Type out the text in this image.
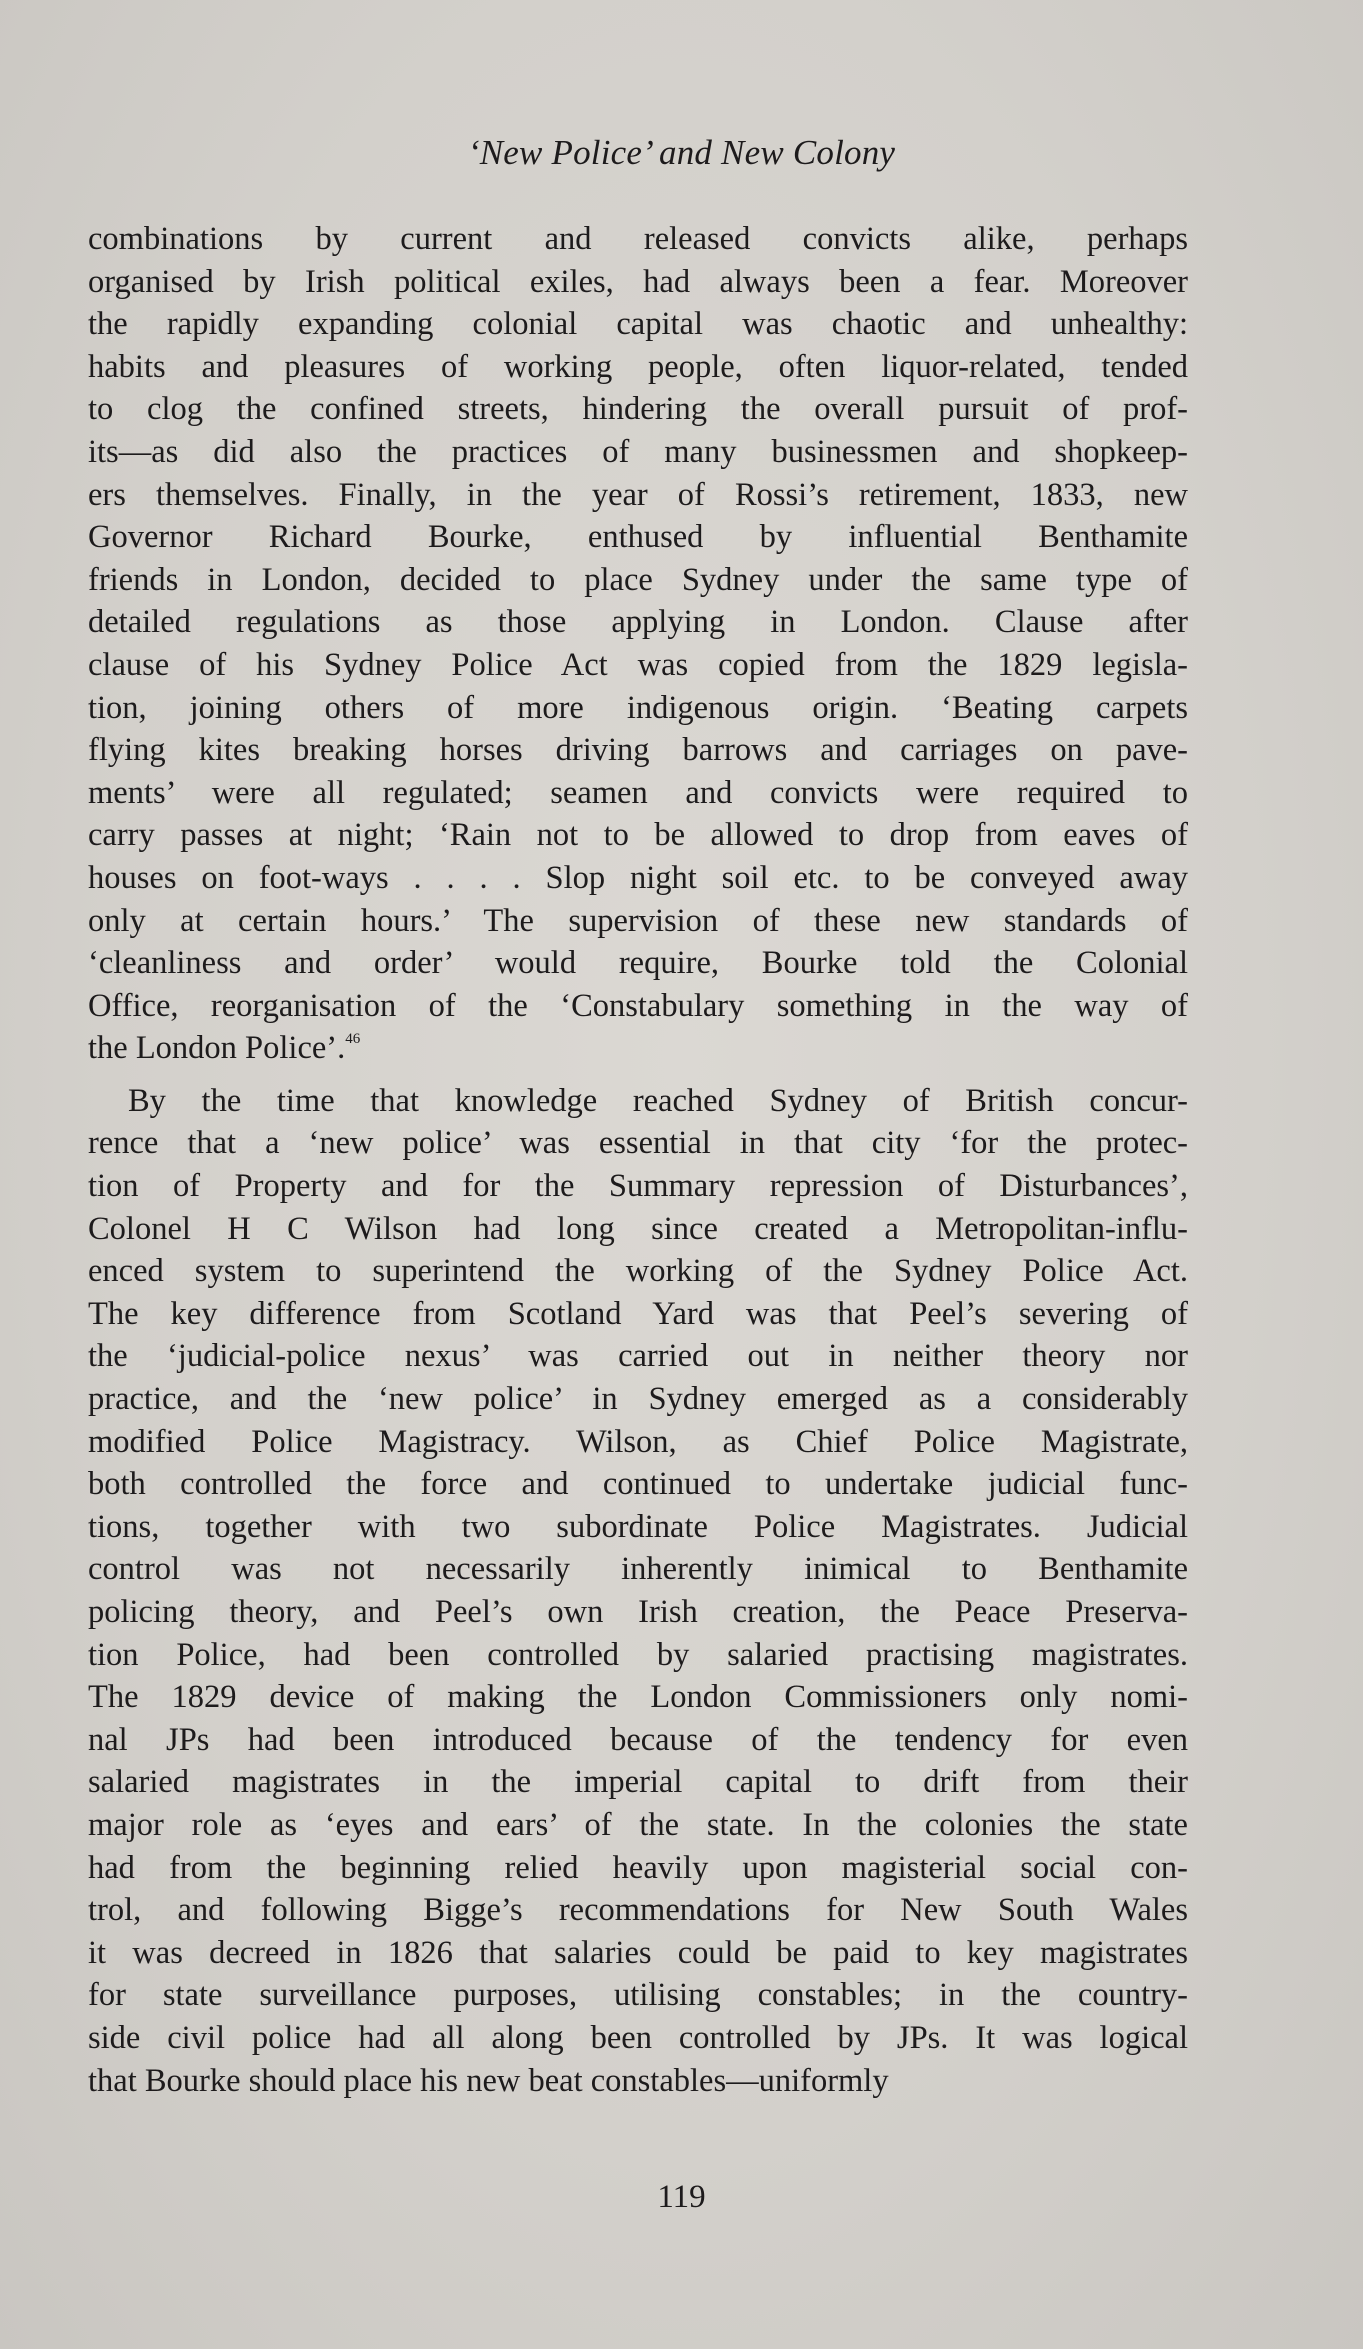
‘New Police’ and New Colony
combinations by current and released convicts alike, perhaps
organised by Irish political exiles, had always been a fear. Moreover
the rapidly expanding colonial capital was chaotic and unhealthy:
habits and pleasures of working people, often liquor-related, tended
to clog the confined streets, hindering the overall pursuit of prof-
its—as did also the practices of many businessmen and shopkeep-
ers themselves. Finally, in the year of Rossi’s retirement, 1833, new
Governor Richard Bourke, enthused by influential Benthamite
friends in London, decided to place Sydney under the same type of
detailed regulations as those applying in London. Clause after
clause of his Sydney Police Act was copied from the 1829 legisla-
tion, joining others of more indigenous origin. ‘Beating carpets
flying kites breaking horses driving barrows and carriages on pave-
ments’ were all regulated; seamen and convicts were required to
carry passes at night; ‘Rain not to be allowed to drop from eaves of
houses on foot-ways . . . . Slop night soil etc. to be conveyed away
only at certain hours.’ The supervision of these new standards of
‘cleanliness and order’ would require, Bourke told the Colonial
Office, reorganisation of the ‘Constabulary something in the way of
the London Police’.$^{46}$
By the time that knowledge reached Sydney of British concur-
rence that a ‘new police’ was essential in that city ‘for the protec-
tion of Property and for the Summary repression of Disturbances’,
Colonel H C Wilson had long since created a Metropolitan-influ-
enced system to superintend the working of the Sydney Police Act.
The key difference from Scotland Yard was that Peel’s severing of
the ‘judicial-police nexus’ was carried out in neither theory nor
practice, and the ‘new police’ in Sydney emerged as a considerably
modified Police Magistracy. Wilson, as Chief Police Magistrate,
both controlled the force and continued to undertake judicial func-
tions, together with two subordinate Police Magistrates. Judicial
control was not necessarily inherently inimical to Benthamite
policing theory, and Peel’s own Irish creation, the Peace Preserva-
tion Police, had been controlled by salaried practising magistrates.
The 1829 device of making the London Commissioners only nomi-
nal JPs had been introduced because of the tendency for even
salaried magistrates in the imperial capital to drift from their
major role as ‘eyes and ears’ of the state. In the colonies the state
had from the beginning relied heavily upon magisterial social con-
trol, and following Bigge’s recommendations for New South Wales
it was decreed in 1826 that salaries could be paid to key magistrates
for state surveillance purposes, utilising constables; in the country-
side civil police had all along been controlled by JPs. It was logical
that Bourke should place his new beat constables—uniformly
119
